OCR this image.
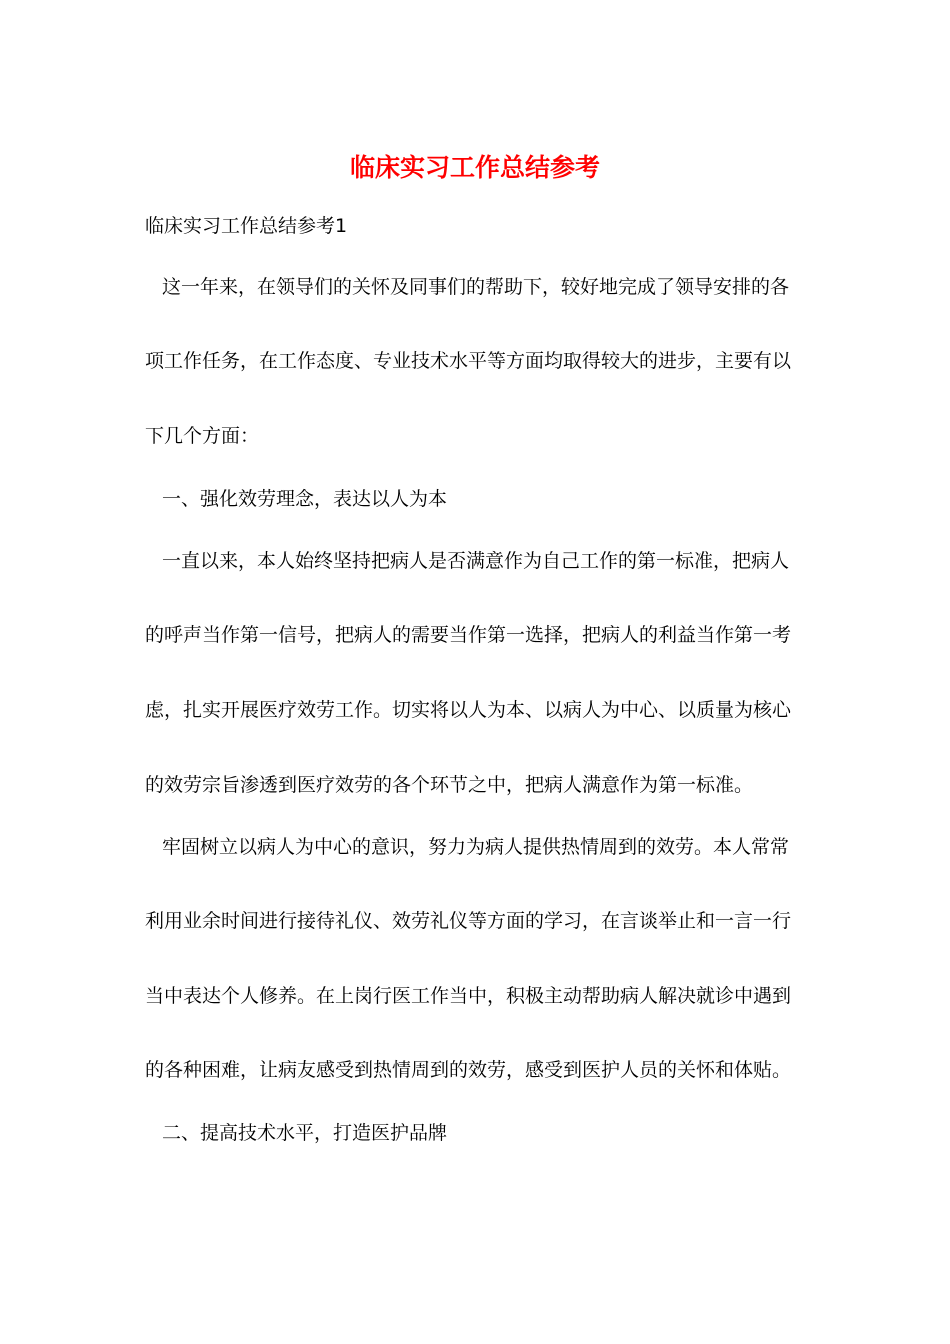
临床实习工作总结参考
临床实习工作总结参考1
这一年来，在领导们的关怀及同事们的帮助下，较好地完成了领导安排的各
项工作任务，在工作态度、专业技术水平等方面均取得较大的进步，主要有以
下几个方面：
一、强化效劳理念，表达以人为本
一直以来，本人始终坚持把病人是否满意作为自己工作的第一标准，把病人
的呼声当作第一信号，把病人的需要当作第一选择，把病人的利益当作第一考
虑，扎实开展医疗效劳工作。切实将以人为本、以病人为中心、以质量为核心
的效劳宗旨渗透到医疗效劳的各个环节之中，把病人满意作为第一标准。
牢固树立以病人为中心的意识，努力为病人提供热情周到的效劳。本人常常
利用业余时间进行接待礼仪、效劳礼仪等方面的学习，在言谈举止和一言一行
当中表达个人修养。在上岗行医工作当中，积极主动帮助病人解决就诊中遇到
的各种困难，让病友感受到热情周到的效劳，感受到医护人员的关怀和体贴。
二、提高技术水平，打造医护品牌
